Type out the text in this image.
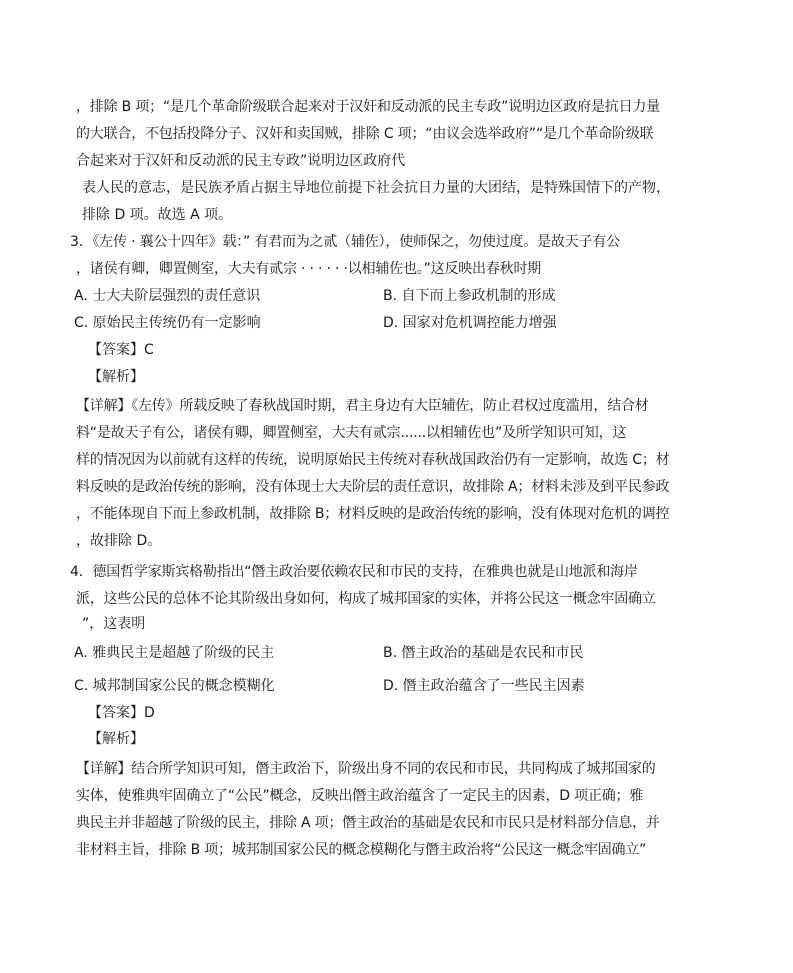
，排除 B 项；“是几个革命阶级联合起来对于汉奸和反动派的民主专政”说明边区政府是抗日力量
的大联合，不包括投降分子、汉奸和卖国贼，排除 C 项；“由议会选举政府”“是几个革命阶级联
合起来对于汉奸和反动派的民主专政”说明边区政府代
表人民的意志，是民族矛盾占据主导地位前提下社会抗日力量的大团结，是特殊国情下的产物，
排除 D 项。故选 A 项。
3．《左传 · 襄公十四年》载：” 有君而为之贰（辅佐），使师保之，勿使过度。是故天子有公
，诸侯有卿，卿置侧室，大夫有贰宗 · · · · · ·以相辅佐也。”这反映出春秋时期
A. 士大夫阶层强烈的责任意识	B. 自下而上参政机制的形成
C. 原始民主传统仍有一定影响	D. 国家对危机调控能力增强
【答案】C
【解析】
【详解】《左传》所载反映了春秋战国时期，君主身边有大臣辅佐，防止君权过度滥用，结合材
料“是故天子有公，诸侯有卿，卿置侧室，大夫有贰宗......以相辅佐也”及所学知识可知，这
样的情况因为以前就有这样的传统，说明原始民主传统对春秋战国政治仍有一定影响，故选 C；材
料反映的是政治传统的影响，没有体现士大夫阶层的责任意识，故排除 A；材料未涉及到平民参政
，不能体现自下而上参政机制，故排除 B；材料反映的是政治传统的影响，没有体现对危机的调控
，故排除 D。
4．德国哲学家斯宾格勒指出“僭主政治要依赖农民和市民的支持，在雅典也就是山地派和海岸
派，这些公民的总体不论其阶级出身如何，构成了城邦国家的实体，并将公民这一概念牢固确立
”，这表明
A. 雅典民主是超越了阶级的民主	B. 僭主政治的基础是农民和市民
C. 城邦制国家公民的概念模糊化	D. 僭主政治蕴含了一些民主因素
【答案】D
【解析】
【详解】结合所学知识可知，僭主政治下，阶级出身不同的农民和市民，共同构成了城邦国家的
实体，使雅典牢固确立了“公民”概念，反映出僭主政治蕴含了一定民主的因素，D 项正确；雅
典民主并非超越了阶级的民主，排除 A 项；僭主政治的基础是农民和市民只是材料部分信息，并
非材料主旨，排除 B 项；城邦制国家公民的概念模糊化与僭主政治将“公民这一概念牢固确立”
